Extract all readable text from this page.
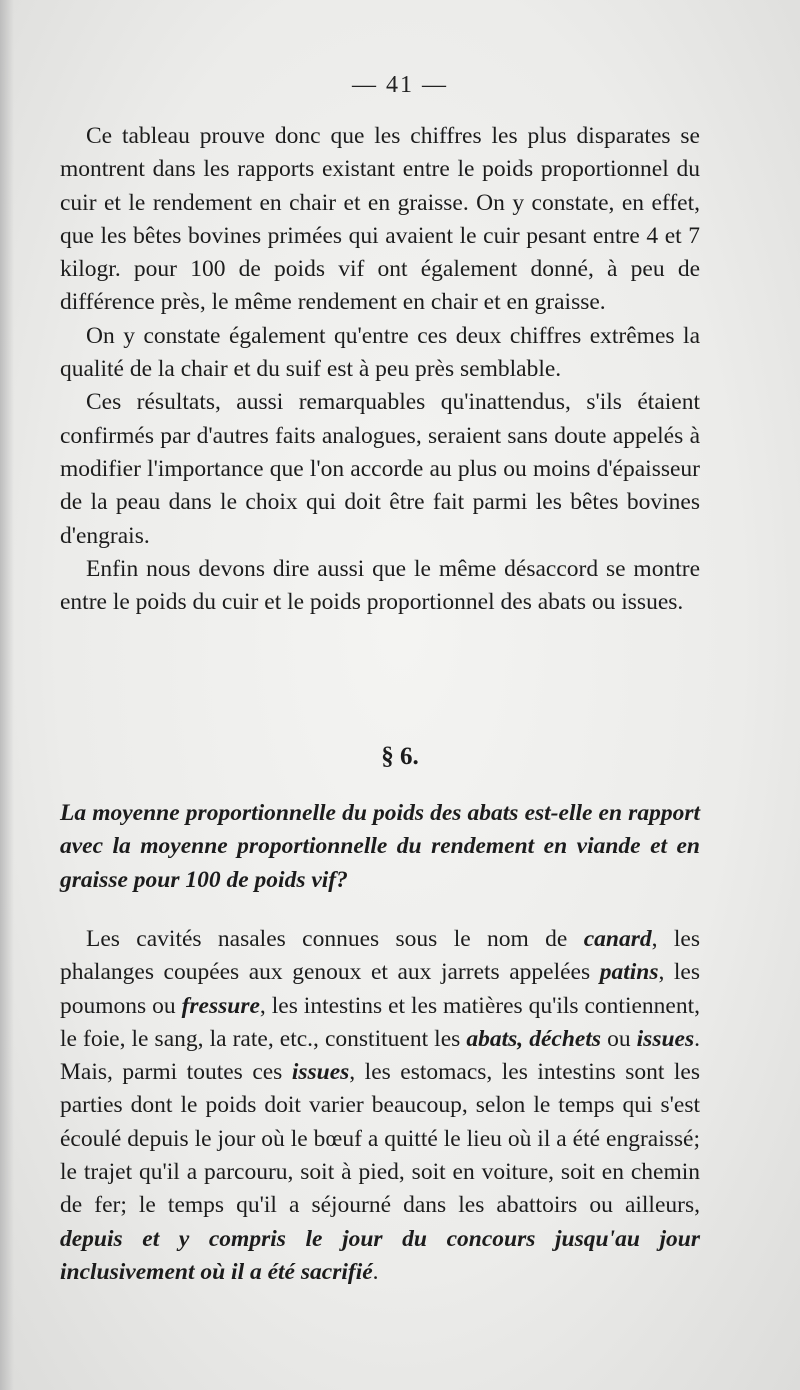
— 41 —

Ce tableau prouve donc que les chiffres les plus disparates se montrent dans les rapports existant entre le poids proportionnel du cuir et le rendement en chair et en graisse. On y constate, en effet, que les bêtes bovines primées qui avaient le cuir pesant entre 4 et 7 kilogr. pour 100 de poids vif ont également donné, à peu de différence près, le même rendement en chair et en graisse.

On y constate également qu'entre ces deux chiffres extrêmes la qualité de la chair et du suif est à peu près semblable.

Ces résultats, aussi remarquables qu'inattendus, s'ils étaient confirmés par d'autres faits analogues, seraient sans doute appelés à modifier l'importance que l'on accorde au plus ou moins d'épaisseur de la peau dans le choix qui doit être fait parmi les bêtes bovines d'engrais.

Enfin nous devons dire aussi que le même désaccord se montre entre le poids du cuir et le poids proportionnel des abats ou issues.

§ 6.

La moyenne proportionnelle du poids des abats est-elle en rapport avec la moyenne proportionnelle du rendement en viande et en graisse pour 100 de poids vif?

Les cavités nasales connues sous le nom de canard, les phalanges coupées aux genoux et aux jarrets appelées patins, les poumons ou fressure, les intestins et les matières qu'ils contiennent, le foie, le sang, la rate, etc., constituent les abats, déchets ou issues. Mais, parmi toutes ces issues, les estomacs, les intestins sont les parties dont le poids doit varier beaucoup, selon le temps qui s'est écoulé depuis le jour où le bœuf a quitté le lieu où il a été engraissé; le trajet qu'il a parcouru, soit à pied, soit en voiture, soit en chemin de fer; le temps qu'il a séjourné dans les abattoirs ou ailleurs, depuis et y compris le jour du concours jusqu'au jour inclusivement où il a été sacrifié.
